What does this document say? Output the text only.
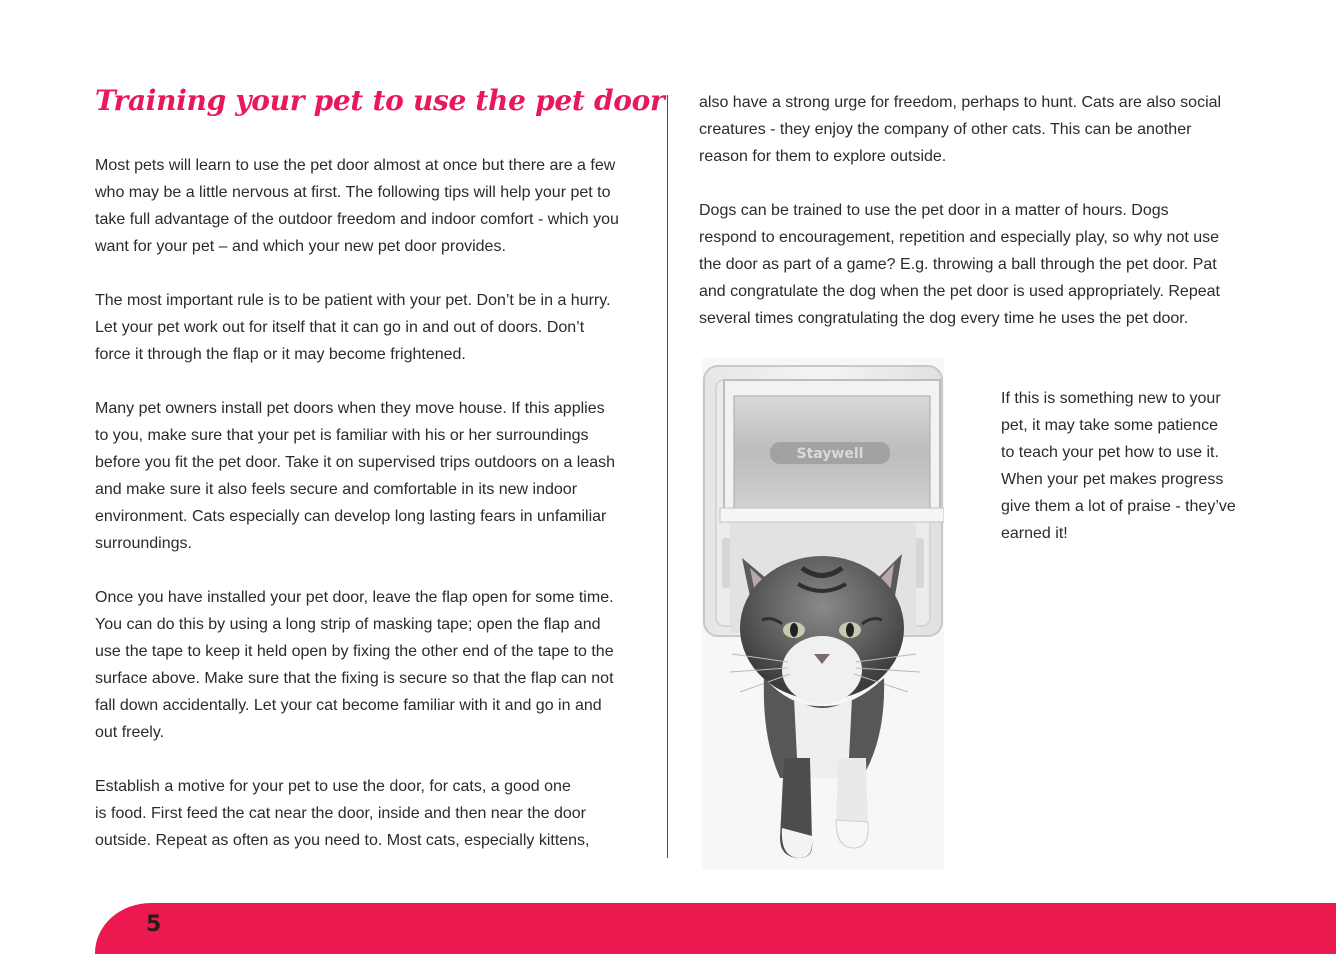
Training your pet to use the pet door

Most pets will learn to use the pet door almost at once but there are a few
who may be a little nervous at first. The following tips will help your pet to
take full advantage of the outdoor freedom and indoor comfort - which you
want for your pet – and which your new pet door provides.

The most important rule is to be patient with your pet. Don’t be in a hurry.
Let your pet work out for itself that it can go in and out of doors. Don’t
force it through the flap or it may become frightened.

Many pet owners install pet doors when they move house. If this applies
to you, make sure that your pet is familiar with his or her surroundings
before you fit the pet door. Take it on supervised trips outdoors on a leash
and make sure it also feels secure and comfortable in its new indoor
environment. Cats especially can develop long lasting fears in unfamiliar
surroundings.

Once you have installed your pet door, leave the flap open for some time.
You can do this by using a long strip of masking tape; open the flap and
use the tape to keep it held open by fixing the other end of the tape to the
surface above. Make sure that the fixing is secure so that the flap can not
fall down accidentally. Let your cat become familiar with it and go in and
out freely.

Establish a motive for your pet to use the door, for cats, a good one
is food. First feed the cat near the door, inside and then near the door
outside. Repeat as often as you need to. Most cats, especially kittens,

also have a strong urge for freedom, perhaps to hunt. Cats are also social
creatures - they enjoy the company of other cats. This can be another
reason for them to explore outside.

Dogs can be trained to use the pet door in a matter of hours. Dogs
respond to encouragement, repetition and especially play, so why not use
the door as part of a game? E.g. throwing a ball through the pet door. Pat
and congratulate the dog when the pet door is used appropriately. Repeat
several times congratulating the dog every time he uses the pet door.

Staywell

If this is something new to your
pet, it may take some patience
to teach your pet how to use it.
When your pet makes progress
give them a lot of praise - they’ve
earned it!

5
